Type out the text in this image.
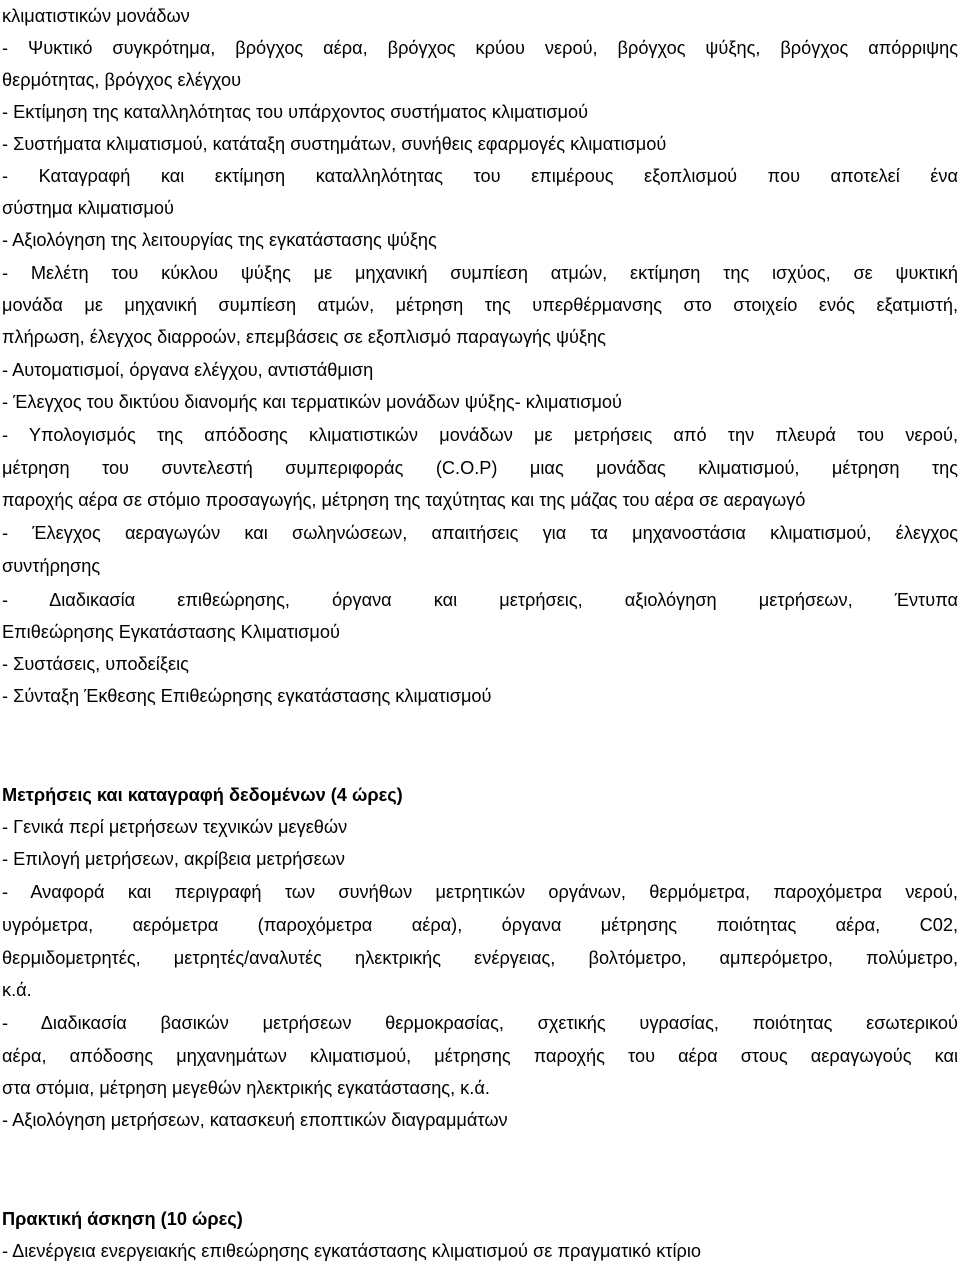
κλιματιστικών μονάδων
- Ψυκτικό συγκρότημα, βρόγχος αέρα, βρόγχος κρύου νερού, βρόγχος ψύξης, βρόγχος απόρριψης
θερμότητας, βρόγχος ελέγχου
- Εκτίμηση της καταλληλότητας του υπάρχοντος συστήματος κλιματισμού
- Συστήματα κλιματισμού, κατάταξη συστημάτων, συνήθεις εφαρμογές κλιματισμού
- Καταγραφή και εκτίμηση καταλληλότητας του επιμέρους εξοπλισμού που αποτελεί ένα
σύστημα κλιματισμού
- Αξιολόγηση της λειτουργίας της εγκατάστασης ψύξης
- Μελέτη του κύκλου ψύξης με μηχανική συμπίεση ατμών, εκτίμηση της ισχύος, σε ψυκτική
μονάδα με μηχανική συμπίεση ατμών, μέτρηση της υπερθέρμανσης στο στοιχείο ενός εξατμιστή,
πλήρωση, έλεγχος διαρροών, επεμβάσεις σε εξοπλισμό παραγωγής ψύξης
- Αυτοματισμοί, όργανα ελέγχου, αντιστάθμιση
- Έλεγχος του δικτύου διανομής και τερματικών μονάδων ψύξης- κλιματισμού
- Υπολογισμός της απόδοσης κλιματιστικών μονάδων με μετρήσεις από την πλευρά του νερού,
μέτρηση του συντελεστή συμπεριφοράς (C.O.P) μιας μονάδας κλιματισμού, μέτρηση της
παροχής αέρα σε στόμιο προσαγωγής, μέτρηση της ταχύτητας και της μάζας του αέρα σε αεραγωγό
- Έλεγχος αεραγωγών και σωληνώσεων, απαιτήσεις για τα μηχανοστάσια κλιματισμού, έλεγχος
συντήρησης
- Διαδικασία επιθεώρησης, όργανα και μετρήσεις, αξιολόγηση μετρήσεων, Έντυπα
Επιθεώρησης Εγκατάστασης Κλιματισμού
- Συστάσεις, υποδείξεις
- Σύνταξη Έκθεσης Επιθεώρησης εγκατάστασης κλιματισμού
Μετρήσεις και καταγραφή δεδομένων (4 ώρες)
- Γενικά περί μετρήσεων τεχνικών μεγεθών
- Επιλογή μετρήσεων, ακρίβεια μετρήσεων
- Αναφορά και περιγραφή των συνήθων μετρητικών οργάνων, θερμόμετρα, παροχόμετρα νερού,
υγρόμετρα, αερόμετρα (παροχόμετρα αέρα), όργανα μέτρησης ποιότητας αέρα, C02,
θερμιδομετρητές, μετρητές/αναλυτές ηλεκτρικής ενέργειας, βολτόμετρο, αμπερόμετρο, πολύμετρο,
κ.ά.
- Διαδικασία βασικών μετρήσεων θερμοκρασίας, σχετικής υγρασίας, ποιότητας εσωτερικού
αέρα, απόδοσης μηχανημάτων κλιματισμού, μέτρησης παροχής του αέρα στους αεραγωγούς και
στα στόμια, μέτρηση μεγεθών ηλεκτρικής εγκατάστασης, κ.ά.
- Αξιολόγηση μετρήσεων, κατασκευή εποπτικών διαγραμμάτων
Πρακτική άσκηση (10 ώρες)
- Διενέργεια ενεργειακής επιθεώρησης εγκατάστασης κλιματισμού σε πραγματικό κτίριο
